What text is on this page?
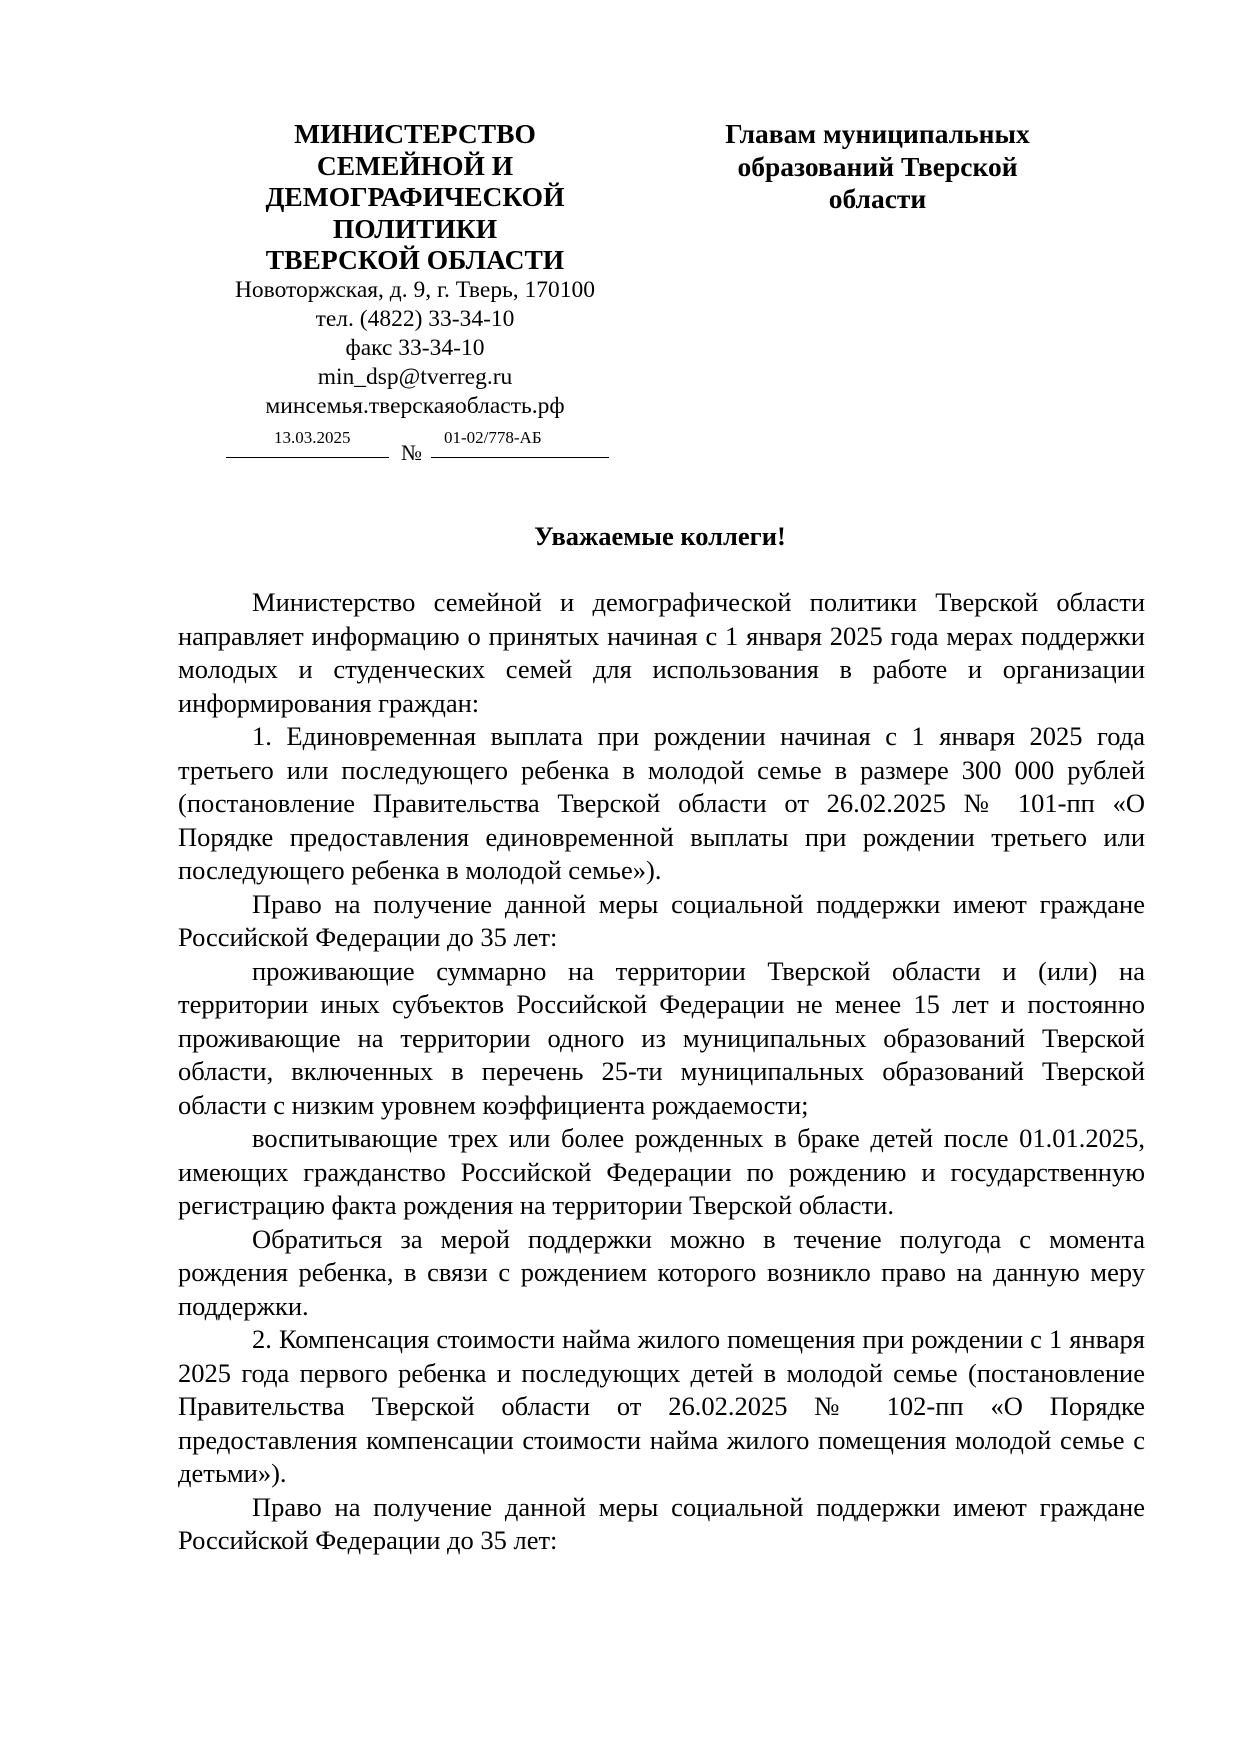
МИНИСТЕРСТВО
СЕМЕЙНОЙ И
ДЕМОГРАФИЧЕСКОЙ
ПОЛИТИКИ
ТВЕРСКОЙ ОБЛАСТИ
Новоторжская, д. 9, г. Тверь, 170100
тел. (4822) 33-34-10
факс 33-34-10
min_dsp@tverreg.ru
минсемья.тверскаяобласть.рф
13.03.2025	01-02/778-АБ
№
Главам муниципальных
образований Тверской
области
Уважаемые коллеги!

Министерство семейной и демографической политики Тверской области направляет информацию о принятых начиная с 1 января 2025 года мерах поддержки молодых и студенческих семей для использования в работе и организации информирования граждан:

1. Единовременная выплата при рождении начиная с 1 января 2025 года третьего или последующего ребенка в молодой семье в размере 300 000 рублей (постановление Правительства Тверской области от 26.02.2025 № 101-пп «О Порядке предоставления единовременной выплаты при рождении третьего или последующего ребенка в молодой семье»).

Право на получение данной меры социальной поддержки имеют граждане Российской Федерации до 35 лет:

проживающие суммарно на территории Тверской области и (или) на территории иных субъектов Российской Федерации не менее 15 лет и постоянно проживающие на территории одного из муниципальных образований Тверской области, включенных в перечень 25-ти муниципальных образований Тверской области с низким уровнем коэффициента рождаемости;

воспитывающие трех или более рожденных в браке детей после 01.01.2025, имеющих гражданство Российской Федерации по рождению и государственную регистрацию факта рождения на территории Тверской области.

Обратиться за мерой поддержки можно в течение полугода с момента рождения ребенка, в связи с рождением которого возникло право на данную меру поддержки.

2. Компенсация стоимости найма жилого помещения при рождении с 1 января 2025 года первого ребенка и последующих детей в молодой семье (постановление Правительства Тверской области от 26.02.2025 № 102-пп «О Порядке предоставления компенсации стоимости найма жилого помещения молодой семье с детьми»).

Право на получение данной меры социальной поддержки имеют граждане Российской Федерации до 35 лет:
